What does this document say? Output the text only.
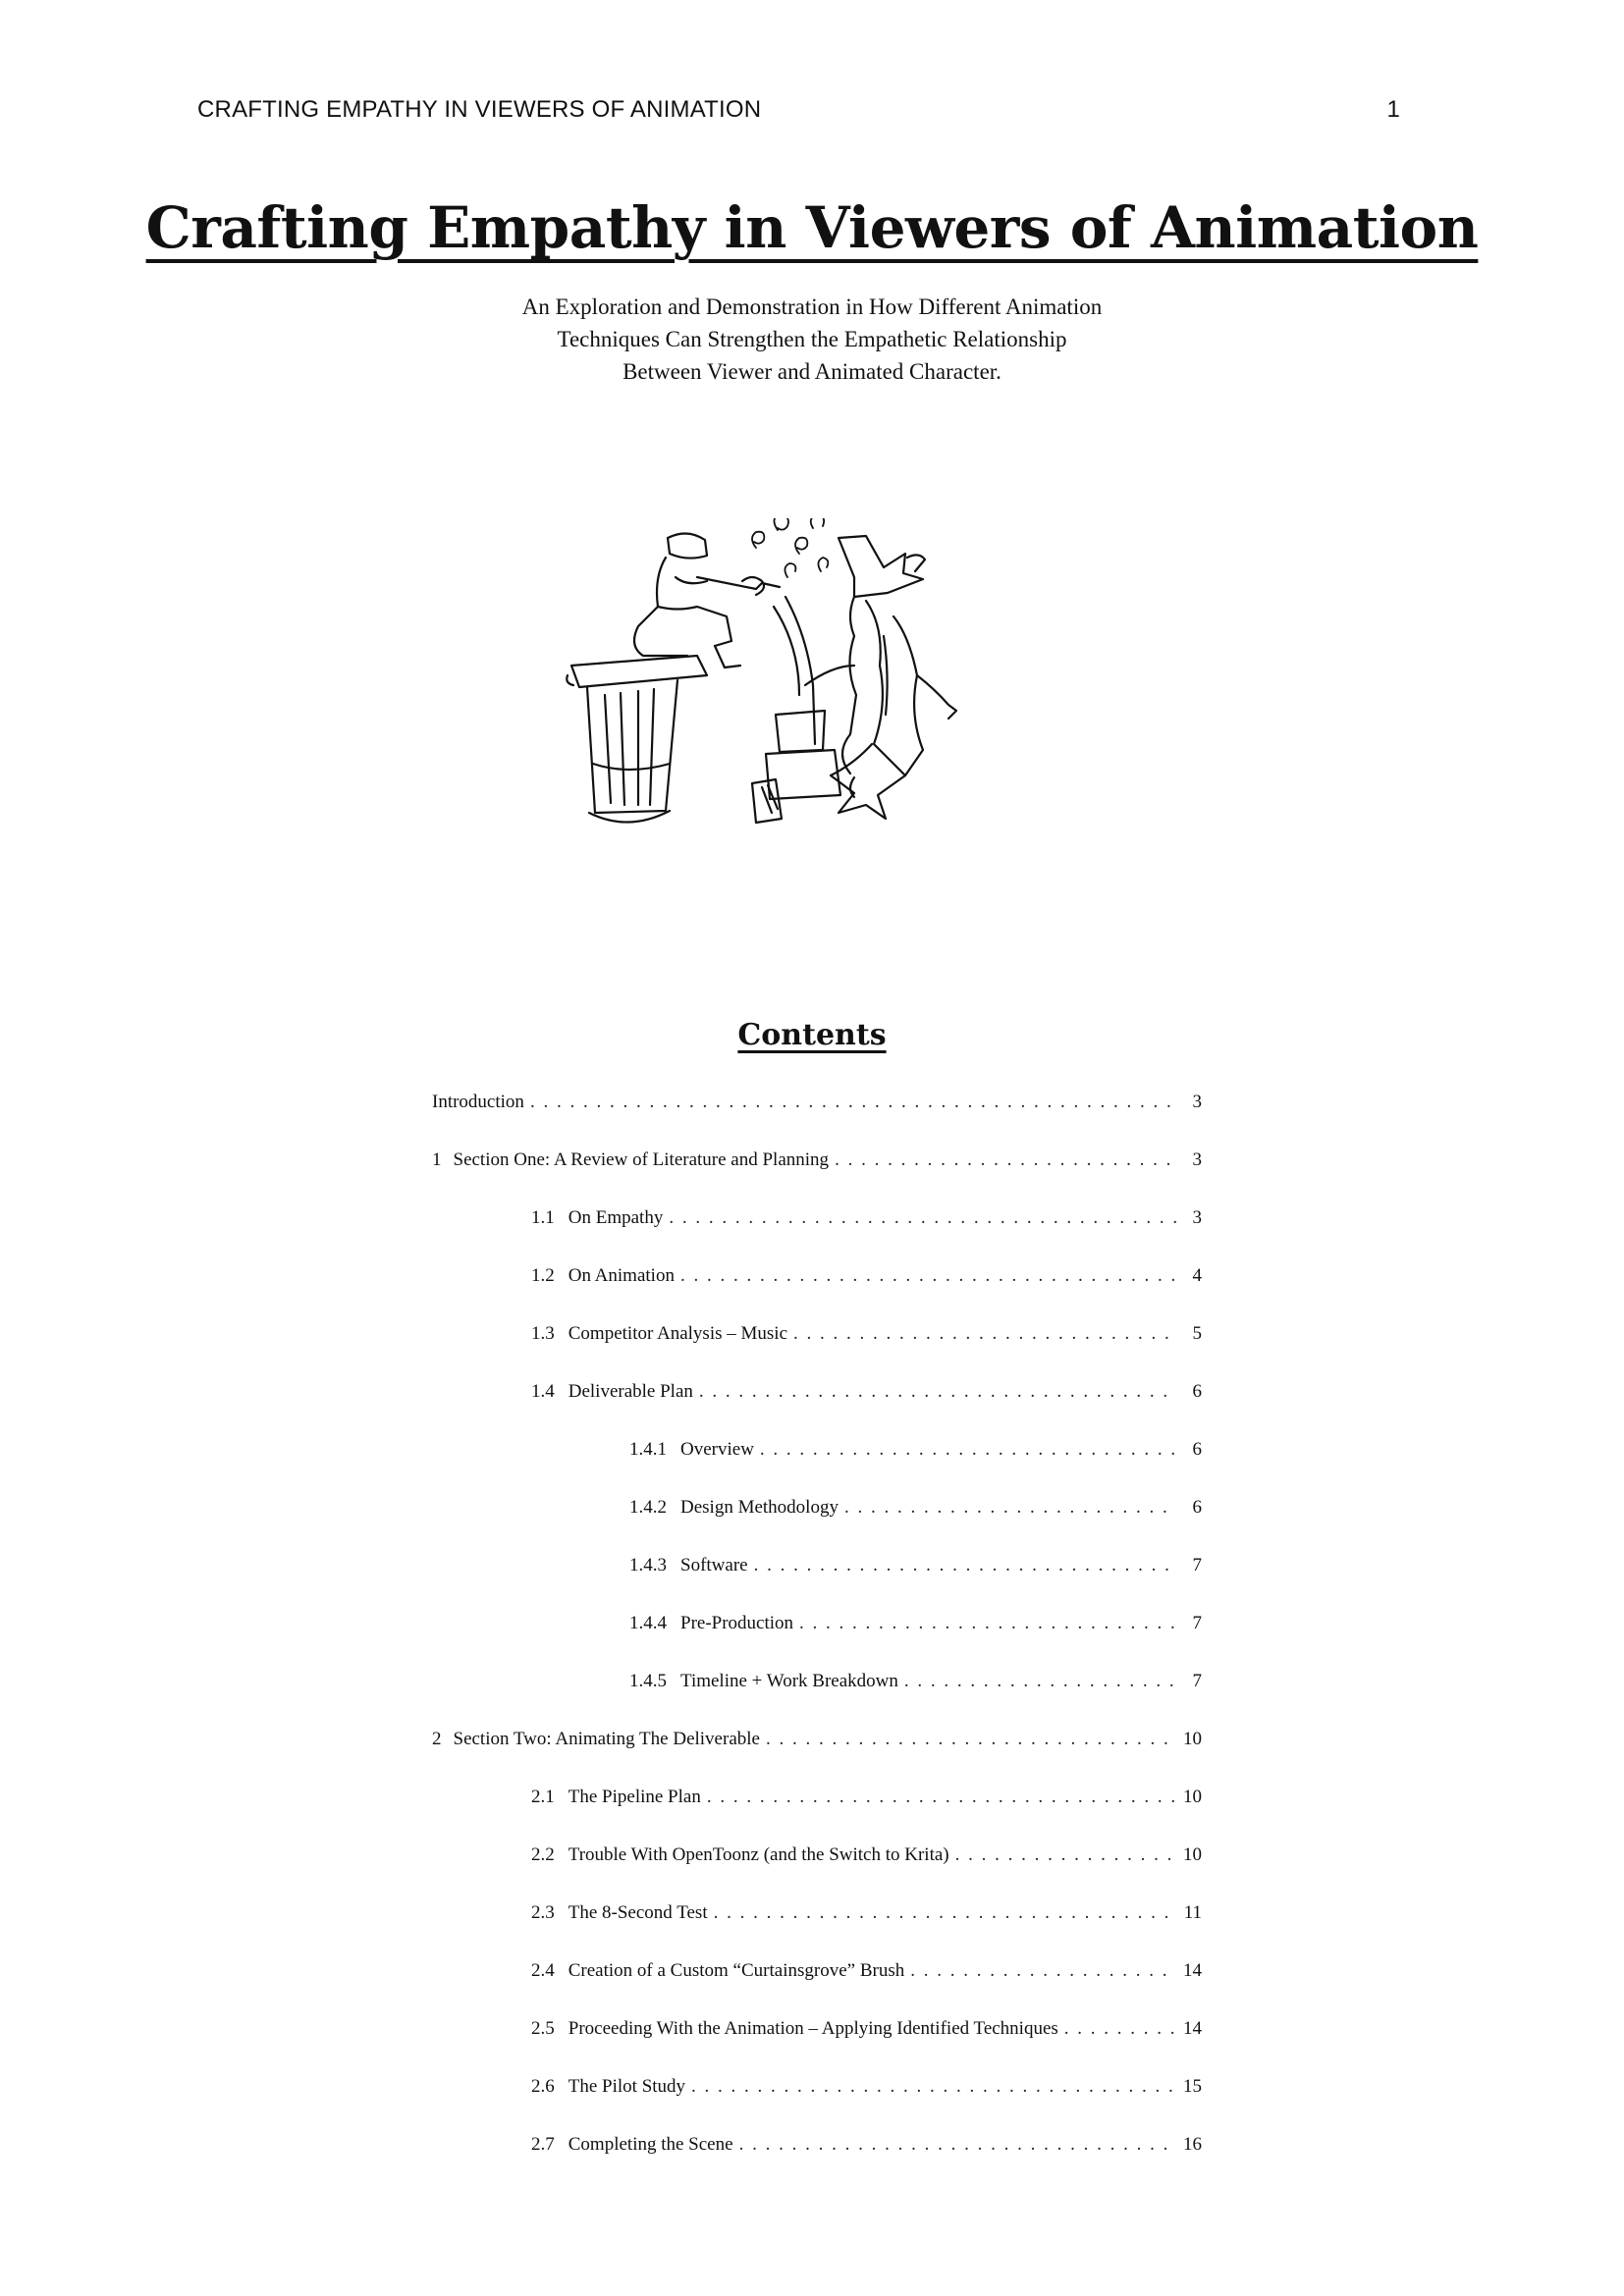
CRAFTING EMPATHY IN VIEWERS OF ANIMATION	1
Crafting Empathy in Viewers of Animation
An Exploration and Demonstration in How Different Animation
Techniques Can Strengthen the Empathetic Relationship
Between Viewer and Animated Character.
Contents
Introduction . . .	3
1 Section One: A Review of Literature and Planning . . .	3
1.1 On Empathy . . .	3
1.2 On Animation . . .	4
1.3 Competitor Analysis – Music . . .	5
1.4 Deliverable Plan . . .	6
1.4.1 Overview . . .	6
1.4.2 Design Methodology . . .	6
1.4.3 Software . . .	7
1.4.4 Pre-Production . . .	7
1.4.5 Timeline + Work Breakdown . . .	7
2 Section Two: Animating The Deliverable . . .	10
2.1 The Pipeline Plan . . .	10
2.2 Trouble With OpenToonz (and the Switch to Krita) . . .	10
2.3 The 8-Second Test . . .	11
2.4 Creation of a Custom “Curtainsgrove” Brush . . .	14
2.5 Proceeding With the Animation – Applying Identified Techniques . . .	14
2.6 The Pilot Study . . .	15
2.7 Completing the Scene . . .	16
